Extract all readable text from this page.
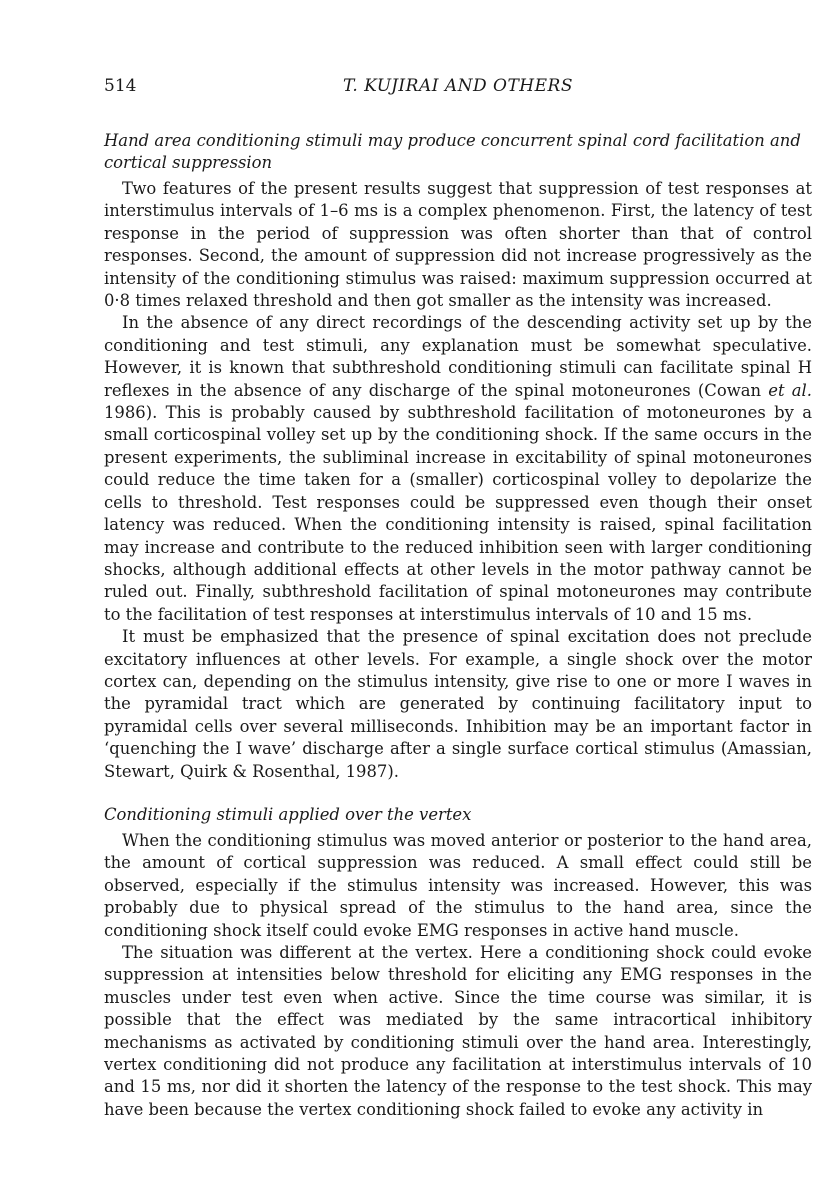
514	T. KUJIRAI AND OTHERS
Hand area conditioning stimuli may produce concurrent spinal cord facilitation and cortical suppression

Two features of the present results suggest that suppression of test responses at interstimulus intervals of 1–6 ms is a complex phenomenon. First, the latency of test response in the period of suppression was often shorter than that of control responses. Second, the amount of suppression did not increase progressively as the intensity of the conditioning stimulus was raised: maximum suppression occurred at 0·8 times relaxed threshold and then got smaller as the intensity was increased.

In the absence of any direct recordings of the descending activity set up by the conditioning and test stimuli, any explanation must be somewhat speculative. However, it is known that subthreshold conditioning stimuli can facilitate spinal H reflexes in the absence of any discharge of the spinal motoneurones (Cowan et al. 1986). This is probably caused by subthreshold facilitation of motoneurones by a small corticospinal volley set up by the conditioning shock. If the same occurs in the present experiments, the subliminal increase in excitability of spinal motoneurones could reduce the time taken for a (smaller) corticospinal volley to depolarize the cells to threshold. Test responses could be suppressed even though their onset latency was reduced. When the conditioning intensity is raised, spinal facilitation may increase and contribute to the reduced inhibition seen with larger conditioning shocks, although additional effects at other levels in the motor pathway cannot be ruled out. Finally, subthreshold facilitation of spinal motoneurones may contribute to the facilitation of test responses at interstimulus intervals of 10 and 15 ms.

It must be emphasized that the presence of spinal excitation does not preclude excitatory influences at other levels. For example, a single shock over the motor cortex can, depending on the stimulus intensity, give rise to one or more I waves in the pyramidal tract which are generated by continuing facilitatory input to pyramidal cells over several milliseconds. Inhibition may be an important factor in ‘quenching the I wave’ discharge after a single surface cortical stimulus (Amassian, Stewart, Quirk & Rosenthal, 1987).

Conditioning stimuli applied over the vertex

When the conditioning stimulus was moved anterior or posterior to the hand area, the amount of cortical suppression was reduced. A small effect could still be observed, especially if the stimulus intensity was increased. However, this was probably due to physical spread of the stimulus to the hand area, since the conditioning shock itself could evoke EMG responses in active hand muscle.

The situation was different at the vertex. Here a conditioning shock could evoke suppression at intensities below threshold for eliciting any EMG responses in the muscles under test even when active. Since the time course was similar, it is possible that the effect was mediated by the same intracortical inhibitory mechanisms as activated by conditioning stimuli over the hand area. Interestingly, vertex conditioning did not produce any facilitation at interstimulus intervals of 10 and 15 ms, nor did it shorten the latency of the response to the test shock. This may have been because the vertex conditioning shock failed to evoke any activity in
